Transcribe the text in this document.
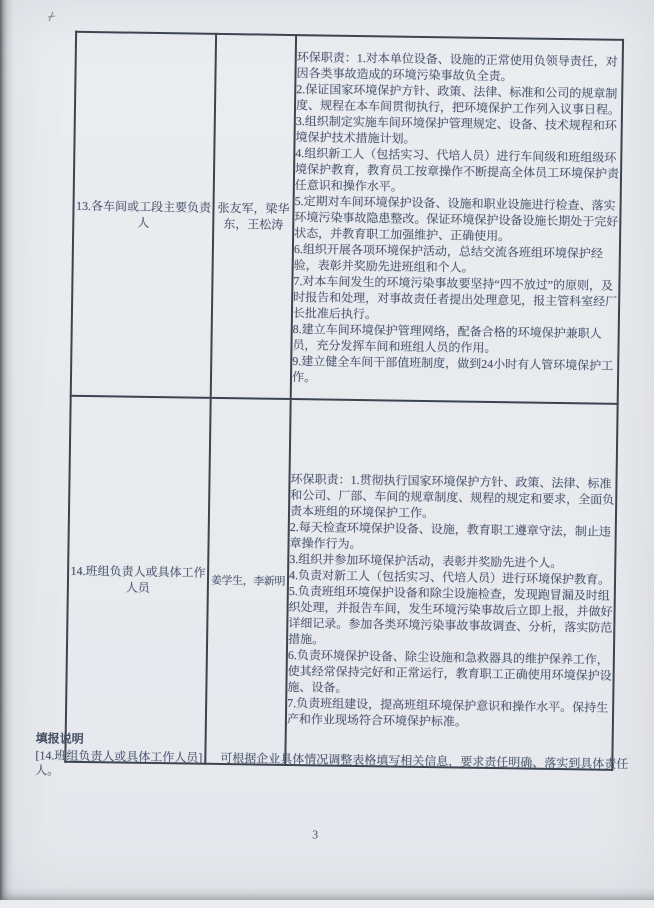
13.各车间或工段主要负责人	张友军，梁华东，王松涛	环保职责：1.对本单位设备、设施的正常使用负领导责任，对因各类事故造成的环境污染事故负全责。
2.保证国家环境保护方针、政策、法律、标准和公司的规章制度、规程在本车间贯彻执行，把环境保护工作列入议事日程。
3.组织制定实施车间环境保护管理规定、设备、技术规程和环境保护技术措施计划。
4.组织新工人（包括实习、代培人员）进行车间级和班组级环境保护教育，教育员工按章操作不断提高全体员工环境保护责任意识和操作水平。
5.定期对车间环境保护设备、设施和职业设施进行检查、落实环境污染事故隐患整改。保证环境保护设备设施长期处于完好状态，并教育职工加强维护、正确使用。
6.组织开展各项环境保护活动，总结交流各班组环境保护经验，表彰并奖励先进班组和个人。
7.对本车间发生的环境污染事故要坚持“四不放过”的原则，及时报告和处理，对事故责任者提出处理意见，报主管科室经厂长批准后执行。
8.建立车间环境保护管理网络，配备合格的环境保护兼职人员，充分发挥车间和班组人员的作用。
9.建立健全车间干部值班制度，做到24小时有人管环境保护工作。
14.班组负责人或具体工作人员	姜学生，李新明	环保职责：1.贯彻执行国家环境保护方针、政策、法律、标准和公司、厂部、车间的规章制度、规程的规定和要求，全面负责本班组的环境保护工作。
2.每天检查环境保护设备、设施，教育职工遵章守法，制止违章操作行为。
3.组织并参加环境保护活动，表彰并奖励先进个人。
4.负责对新工人（包括实习、代培人员）进行环境保护教育。
5.负责班组环境保护设备和除尘设施检查，发现跑冒漏及时组织处理，并报告车间，发生环境污染事故后立即上报，并做好详细记录。参加各类环境污染事故事故调查、分析，落实防范措施。
6.负责环境保护设备、除尘设施和急救器具的维护保养工作，使其经常保持完好和正常运行，教育职工正确使用环境保护设施、设备。
7.负责班组建设，提高班组环境保护意识和操作水平。保持生产和作业现场符合环境保护标准。
填报说明
[14.班组负责人或具体工作人员]：　可根据企业具体情况调整表格填写相关信息，要求责任明确、落实到具体责任人。
3
